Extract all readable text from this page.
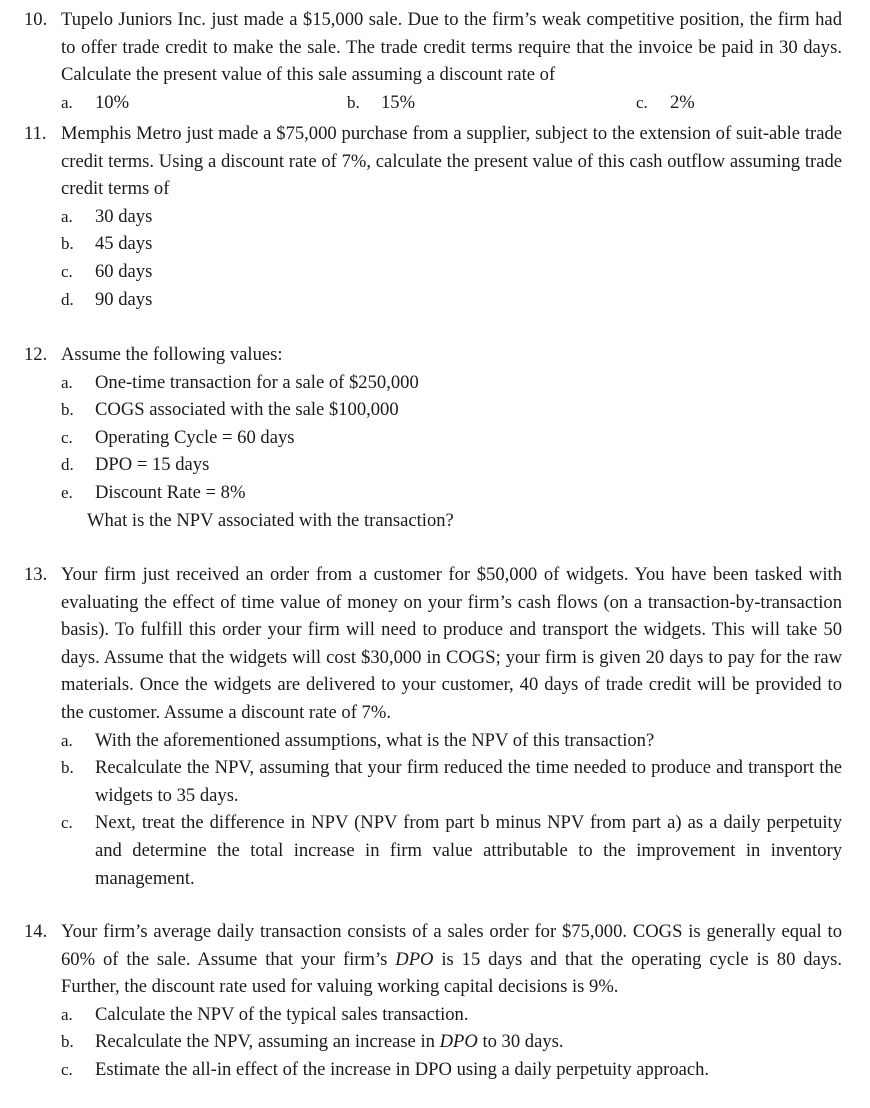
10. Tupelo Juniors Inc. just made a $15,000 sale. Due to the firm’s weak competitive position, the firm had to offer trade credit to make the sale. The trade credit terms require that the invoice be paid in 30 days. Calculate the present value of this sale assuming a discount rate of
a. 10%	b. 15%	c. 2%
11. Memphis Metro just made a $75,000 purchase from a supplier, subject to the extension of suit-able trade credit terms. Using a discount rate of 7%, calculate the present value of this cash outflow assuming trade credit terms of
a. 30 days
b. 45 days
c. 60 days
d. 90 days
12. Assume the following values:
a. One-time transaction for a sale of $250,000
b. COGS associated with the sale $100,000
c. Operating Cycle = 60 days
d. DPO = 15 days
e. Discount Rate = 8%
What is the NPV associated with the transaction?
13. Your firm just received an order from a customer for $50,000 of widgets. You have been tasked with evaluating the effect of time value of money on your firm’s cash flows (on a transaction-by-transaction basis). To fulfill this order your firm will need to produce and transport the widgets. This will take 50 days. Assume that the widgets will cost $30,000 in COGS; your firm is given 20 days to pay for the raw materials. Once the widgets are delivered to your customer, 40 days of trade credit will be provided to the customer. Assume a discount rate of 7%.
a. With the aforementioned assumptions, what is the NPV of this transaction?
b. Recalculate the NPV, assuming that your firm reduced the time needed to produce and transport the widgets to 35 days.
c. Next, treat the difference in NPV (NPV from part b minus NPV from part a) as a daily perpetuity and determine the total increase in firm value attributable to the improvement in inventory management.
14. Your firm’s average daily transaction consists of a sales order for $75,000. COGS is generally equal to 60% of the sale. Assume that your firm’s DPO is 15 days and that the operating cycle is 80 days. Further, the discount rate used for valuing working capital decisions is 9%.
a. Calculate the NPV of the typical sales transaction.
b. Recalculate the NPV, assuming an increase in DPO to 30 days.
c. Estimate the all-in effect of the increase in DPO using a daily perpetuity approach.
